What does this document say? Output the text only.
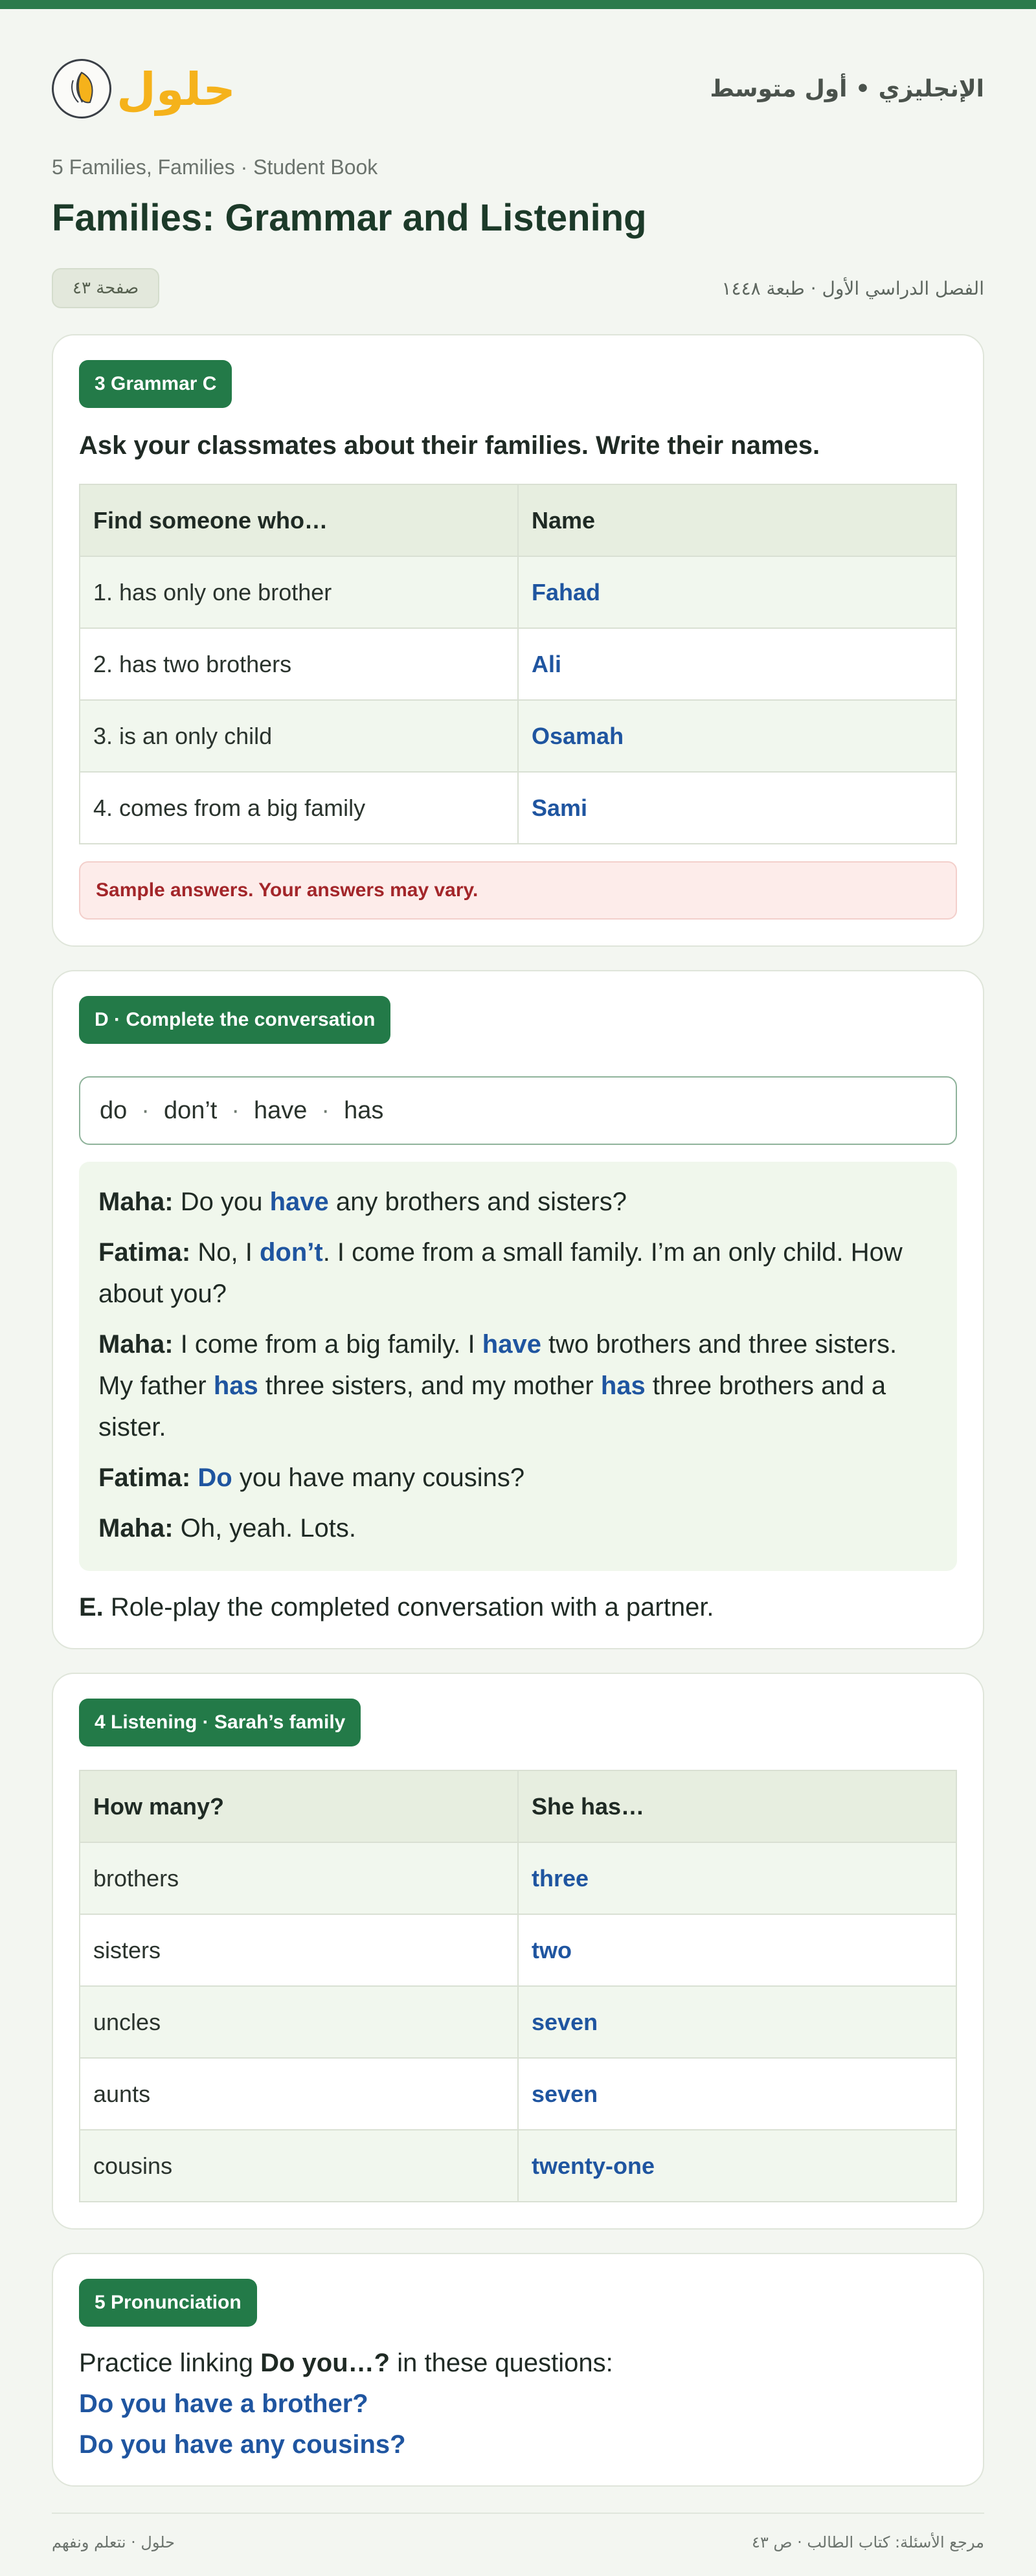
حلول	الإنجليزي • أول متوسط
5 Families, Families · Student Book
Families: Grammar and Listening
صفحة ٤٣	الفصل الدراسي الأول · طبعة ١٤٤٨
3 Grammar C
Ask your classmates about their families. Write their names.
Find someone who…	Name
1. has only one brother	Fahad
2. has two brothers	Ali
3. is an only child	Osamah
4. comes from a big family	Sami
Sample answers. Your answers may vary.
D · Complete the conversation
do · don’t · have · has
Maha: Do you have any brothers and sisters?
Fatima: No, I don’t. I come from a small family. I’m an only child. How about you?
Maha: I come from a big family. I have two brothers and three sisters. My father has three sisters, and my mother has three brothers and a sister.
Fatima: Do you have many cousins?
Maha: Oh, yeah. Lots.
E. Role-play the completed conversation with a partner.
4 Listening · Sarah’s family
How many?	She has…
brothers	three
sisters	two
uncles	seven
aunts	seven
cousins	twenty-one
5 Pronunciation
Practice linking Do you…? in these questions:
Do you have a brother?
Do you have any cousins?
حلول · نتعلم ونفهم	مرجع الأسئلة: كتاب الطالب · ص ٤٣
